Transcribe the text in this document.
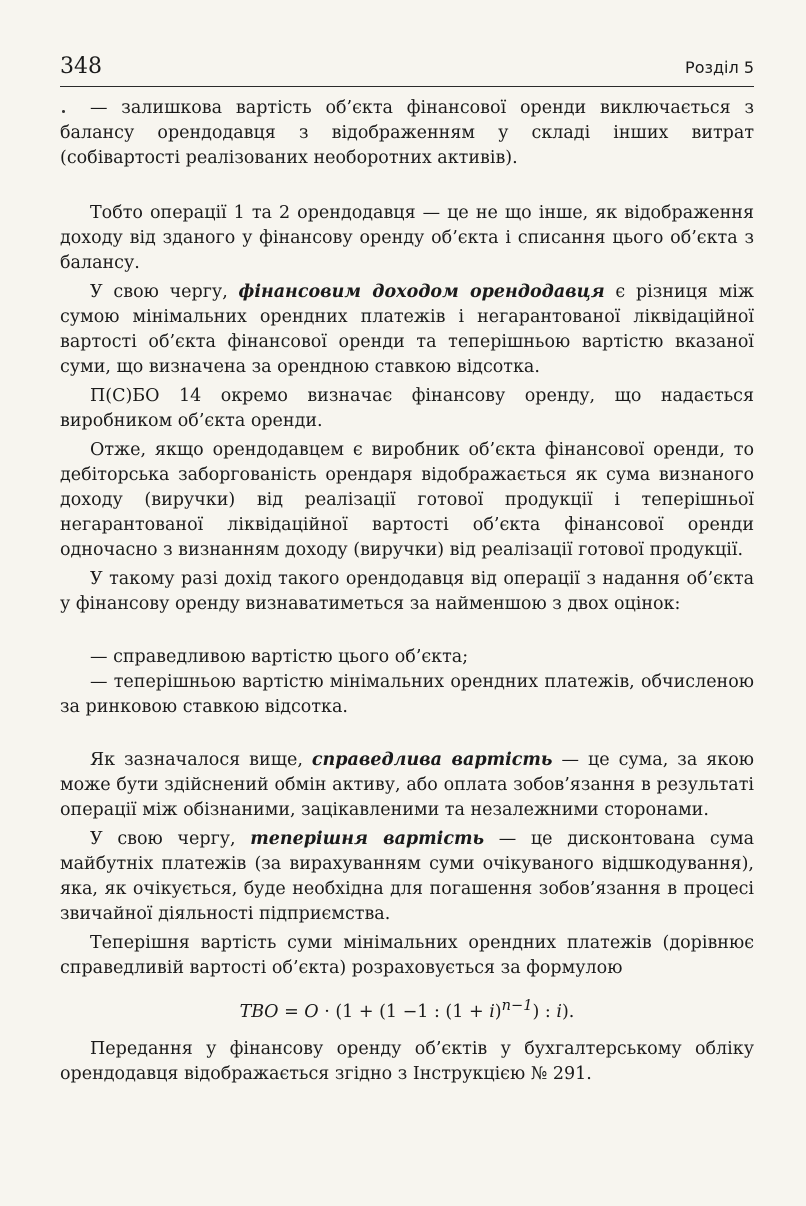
348	Розділ 5

— залишкова вартість об’єкта фінансової оренди виключається з балансу орендодавця з відображенням у складі інших витрат (собівартості реалізованих необоротних активів).

Тобто операції 1 та 2 орендодавця — це не що інше, як відображення доходу від зданого у фінансову оренду об’єкта і списання цього об’єкта з балансу.

У свою чергу, фінансовим доходом орендодавця є різниця між сумою мінімальних орендних платежів і негарантованої ліквідаційної вартості об’єкта фінансової оренди та теперішньою вартістю вказаної суми, що визначена за орендною ставкою відсотка.

П(С)БО 14 окремо визначає фінансову оренду, що надається виробником об’єкта оренди.

Отже, якщо орендодавцем є виробник об’єкта фінансової оренди, то дебіторська заборгованість орендаря відображається як сума визнаного доходу (виручки) від реалізації готової продукції і теперішньої негарантованої ліквідаційної вартості об’єкта фінансової оренди одночасно з визнанням доходу (виручки) від реалізації готової продукції.

У такому разі дохід такого орендодавця від операції з надання об’єкта у фінансову оренду визнаватиметься за найменшою з двох оцінок:

— справедливою вартістю цього об’єкта;

— теперішньою вартістю мінімальних орендних платежів, обчисленою за ринковою ставкою відсотка.

Як зазначалося вище, справедлива вартість — це сума, за якою може бути здійснений обмін активу, або оплата зобов’язання в результаті операції між обізнаними, зацікавленими та незалежними сторонами.

У свою чергу, теперішня вартість — це дисконтована сума майбутніх платежів (за вирахуванням суми очікуваного відшкодування), яка, як очікується, буде необхідна для погашення зобов’язання в процесі звичайної діяльності підприємства.

Теперішня вартість суми мінімальних орендних платежів (дорівнює справедливій вартості об’єкта) розраховується за формулою

ТВО = О · (1 + (1 −1 : $(1 + i)^{n-1}$) : i).

Передання у фінансову оренду об’єктів у бухгалтерському обліку орендодавця відображається згідно з Інструкцією № 291.
